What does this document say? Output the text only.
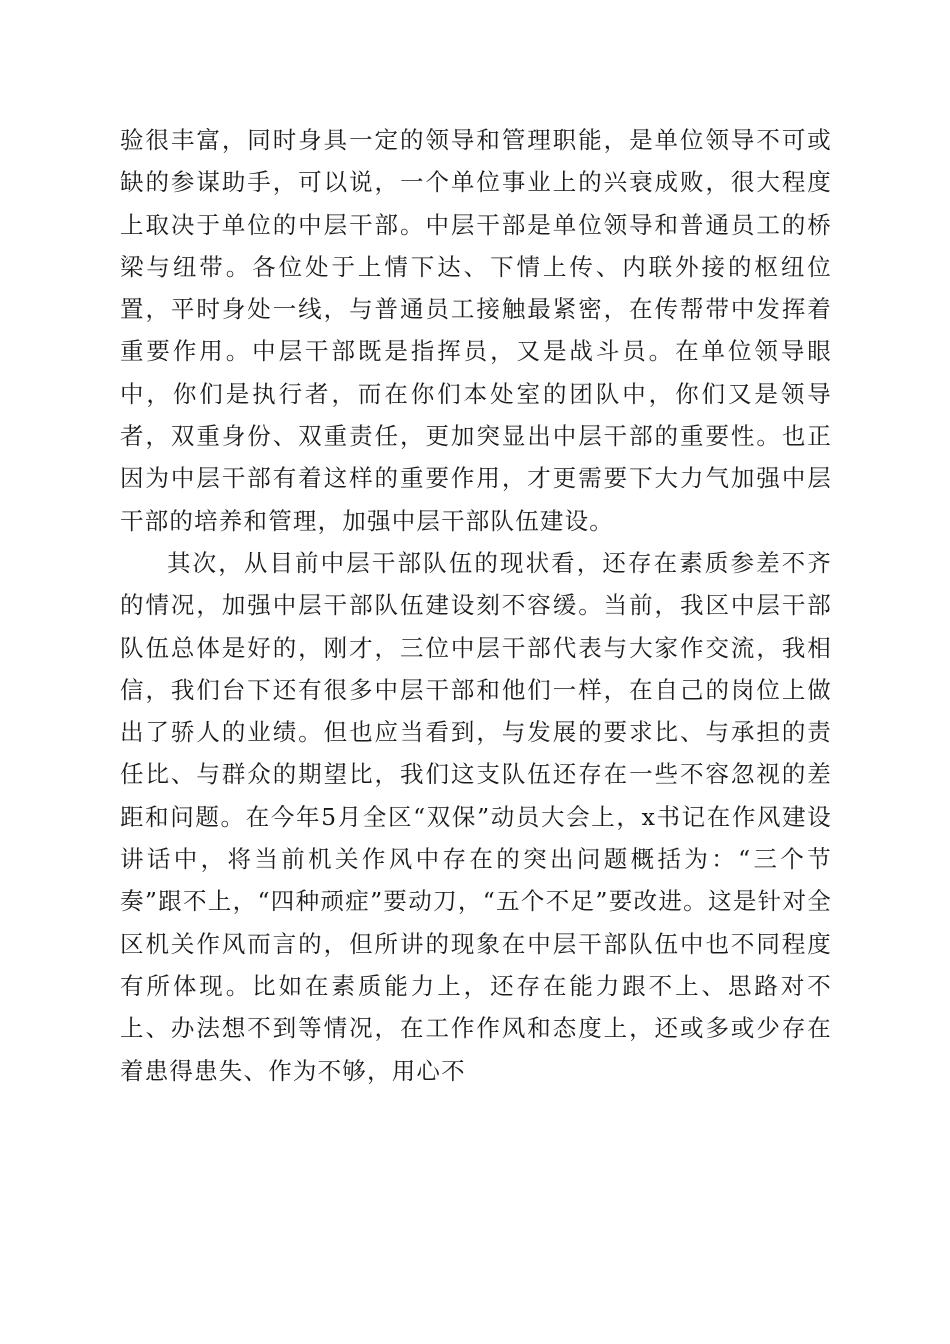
验很丰富，同时身具一定的领导和管理职能，是单位领导不可或缺的参谋助手，可以说，一个单位事业上的兴衰成败，很大程度上取决于单位的中层干部。中层干部是单位领导和普通员工的桥梁与纽带。各位处于上情下达、下情上传、内联外接的枢纽位置，平时身处一线，与普通员工接触最紧密，在传帮带中发挥着重要作用。中层干部既是指挥员，又是战斗员。在单位领导眼中，你们是执行者，而在你们本处室的团队中，你们又是领导者，双重身份、双重责任，更加突显出中层干部的重要性。也正因为中层干部有着这样的重要作用，才更需要下大力气加强中层干部的培养和管理，加强中层干部队伍建设。

其次，从目前中层干部队伍的现状看，还存在素质参差不齐的情况，加强中层干部队伍建设刻不容缓。当前，我区中层干部队伍总体是好的，刚才，三位中层干部代表与大家作交流，我相信，我们台下还有很多中层干部和他们一样，在自己的岗位上做出了骄人的业绩。但也应当看到，与发展的要求比、与承担的责任比、与群众的期望比，我们这支队伍还存在一些不容忽视的差距和问题。在今年5月全区“双保”动员大会上，x书记在作风建设讲话中，将当前机关作风中存在的突出问题概括为：“三个节奏”跟不上，“四种顽症”要动刀，“五个不足”要改进。这是针对全区机关作风而言的，但所讲的现象在中层干部队伍中也不同程度有所体现。比如在素质能力上，还存在能力跟不上、思路对不上、办法想不到等情况，在工作作风和态度上，还或多或少存在着患得患失、作为不够，用心不
